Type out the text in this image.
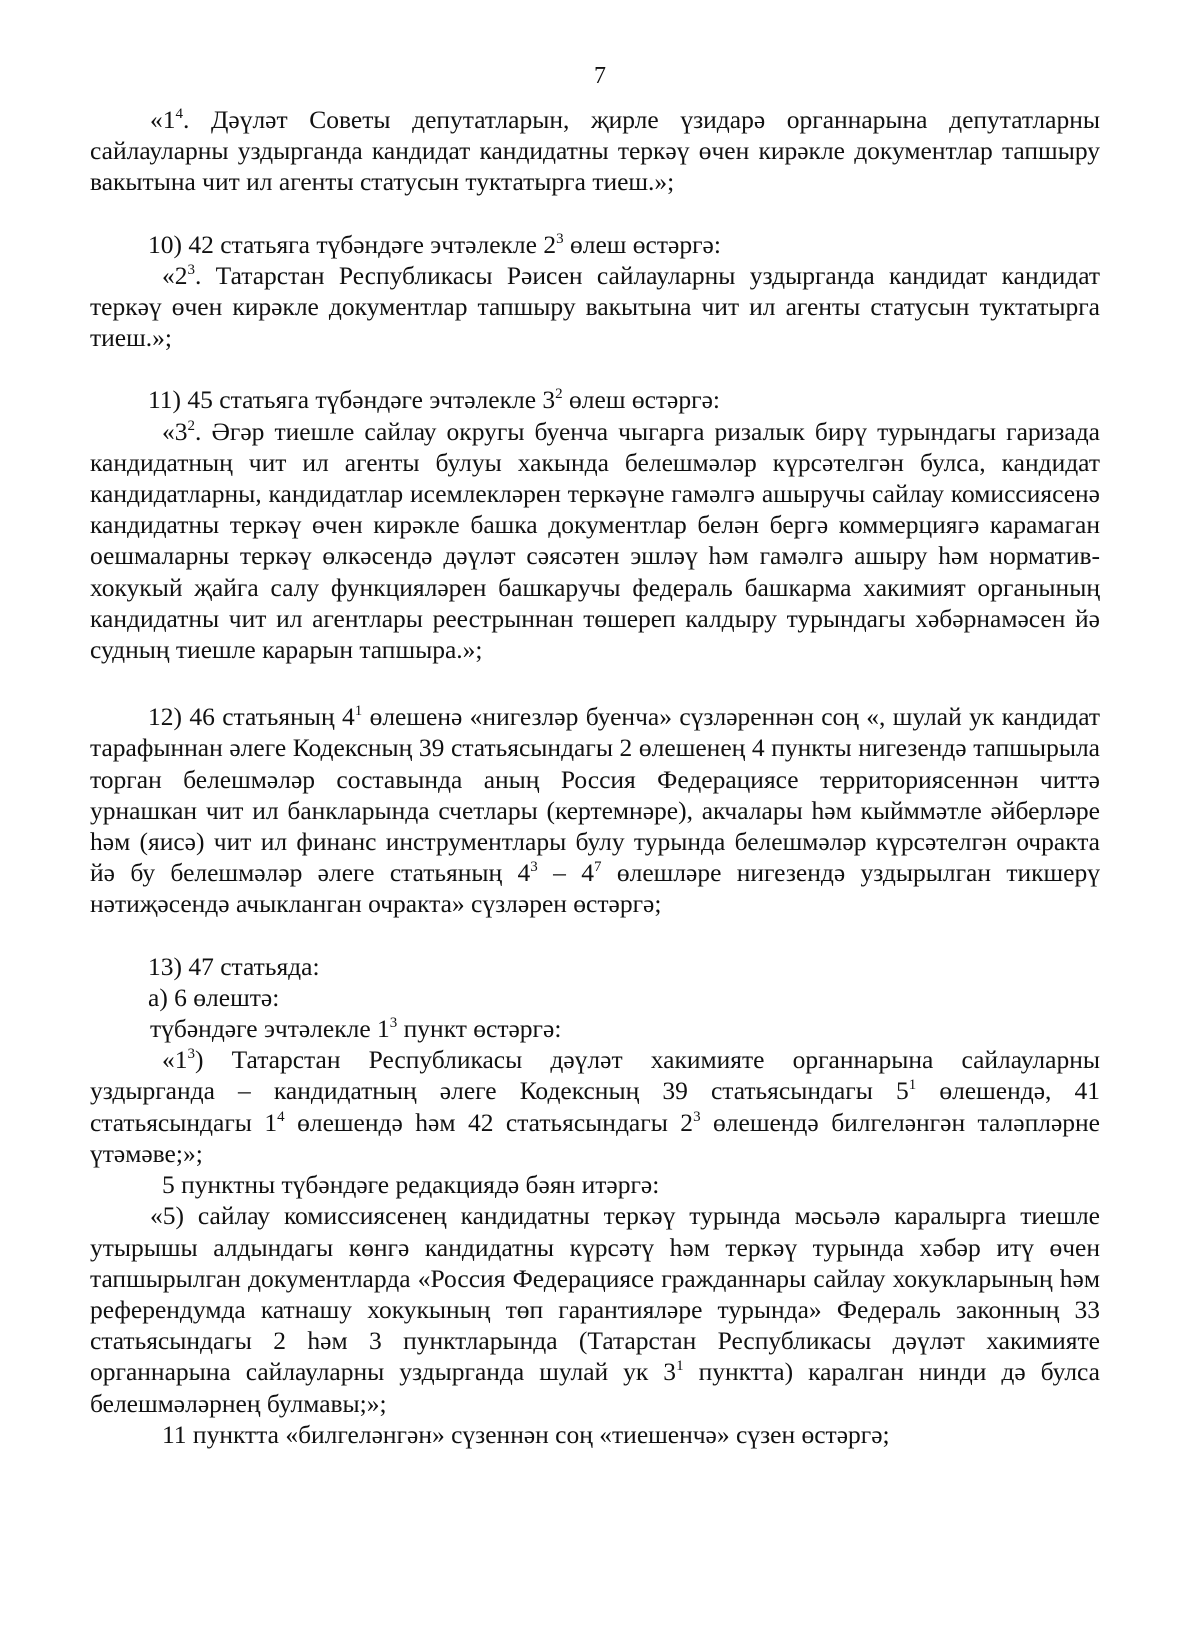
7

«$1^4$. Дәүләт Советы депутатларын, җирле үзидарә органнарына депутатларны сайлауларны уздырганда кандидат кандидатны теркәү өчен кирәкле документлар тапшыру вакытына чит ил агенты статусын туктатырга тиеш.»;

10) 42 статьяга түбәндәге эчтәлекле $2^3$ өлеш өстәргә:

«$2^3$. Татарстан Республикасы Рәисен сайлауларны уздырганда кандидат кандидат теркәү өчен кирәкле документлар тапшыру вакытына чит ил агенты статусын туктатырга тиеш.»;

11) 45 статьяга түбәндәге эчтәлекле $3^2$ өлеш өстәргә:

«$3^2$. Әгәр тиешле сайлау округы буенча чыгарга ризалык бирү турындагы гаризада кандидатның чит ил агенты булуы хакында белешмәләр күрсәтелгән булса, кандидат кандидатларны, кандидатлар исемлекләрен теркәүне гамәлгә ашыручы сайлау комиссиясенә кандидатны теркәү өчен кирәкле башка документлар белән бергә коммерциягә карамаган оешмаларны теркәү өлкәсендә дәүләт сәясәтен эшләү һәм гамәлгә ашыру һәм норматив-хокукый җайга салу функцияләрен башкаручы федераль башкарма хакимият органының кандидатны чит ил агентлары реестрыннан төшереп калдыру турындагы хәбәрнамәсен йә судның тиешле карарын тапшыра.»;

12) 46 статьяның $4^1$ өлешенә «нигезләр буенча» сүзләреннән соң «, шулай ук кандидат тарафыннан әлеге Кодексның 39 статьясындагы 2 өлешенең 4 пункты нигезендә тапшырыла торган белешмәләр составында аның Россия Федерациясе территориясеннән читтә урнашкан чит ил банкларында счетлары (кертемнәре), акчалары һәм кыйммәтле әйберләре һәм (яисә) чит ил финанс инструментлары булу турында белешмәләр күрсәтелгән очракта йә бу белешмәләр әлеге статьяның $4^3 - 4^7$ өлешләре нигезендә уздырылган тикшерү нәтиҗәсендә ачыкланган очракта» сүзләрен өстәргә;

13) 47 статьяда:

а) 6 өлештә:

түбәндәге эчтәлекле $1^3$ пункт өстәргә:

«$1^3$) Татарстан Республикасы дәүләт хакимияте органнарына сайлауларны уздырганда – кандидатның әлеге Кодексның 39 статьясындагы $5^1$ өлешендә, 41 статьясындагы $1^4$ өлешендә һәм 42 статьясындагы $2^3$ өлешендә билгеләнгән таләпләрне үтәмәве;»;

5 пунктны түбәндәге редакциядә бәян итәргә:

«5) сайлау комиссиясенең кандидатны теркәү турында мәсьәлә каралырга тиешле утырышы алдындагы көнгә кандидатны күрсәтү һәм теркәү турында хәбәр итү өчен тапшырылган документларда «Россия Федерациясе гражданнары сайлау хокукларының һәм референдумда катнашу хокукының төп гарантияләре турында» Федераль законның 33 статьясындагы 2 һәм 3 пунктларында (Татарстан Республикасы дәүләт хакимияте органнарына сайлауларны уздырганда шулай ук $3^1$ пунктта) каралган нинди дә булса белешмәләрнең булмавы;»;

11 пунктта «билгеләнгән» сүзеннән соң «тиешенчә» сүзен өстәргә;
